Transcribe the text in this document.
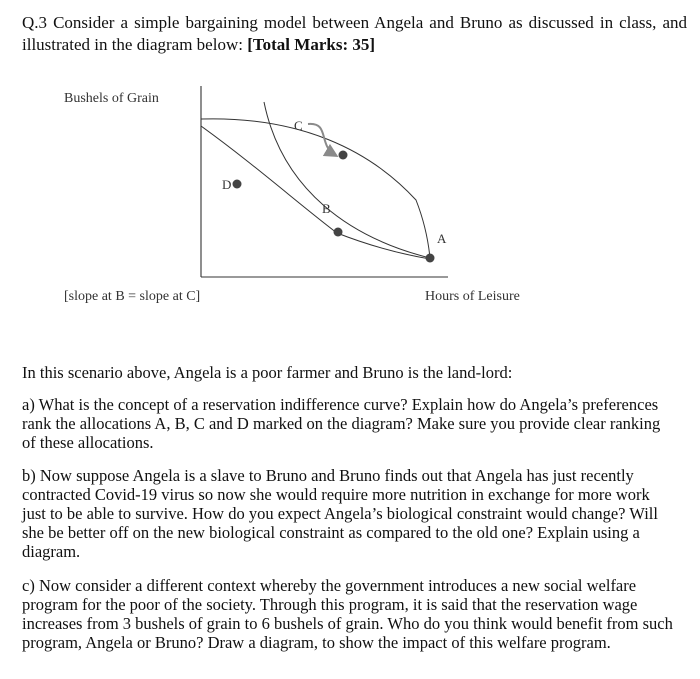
Q.3 Consider a simple bargaining model between Angela and Bruno as discussed in class, and illustrated in the diagram below: [Total Marks: 35]
Bushels of Grain
C
D
B
A
[slope at B = slope at C]	Hours of Leisure
In this scenario above, Angela is a poor farmer and Bruno is the land-lord:
a) What is the concept of a reservation indifference curve? Explain how do Angela’s preferences rank the allocations A, B, C and D marked on the diagram? Make sure you provide clear ranking of these allocations.
b) Now suppose Angela is a slave to Bruno and Bruno finds out that Angela has just recently contracted Covid-19 virus so now she would require more nutrition in exchange for more work just to be able to survive. How do you expect Angela’s biological constraint would change? Will she be better off on the new biological constraint as compared to the old one? Explain using a diagram.
c) Now consider a different context whereby the government introduces a new social welfare program for the poor of the society. Through this program, it is said that the reservation wage increases from 3 bushels of grain to 6 bushels of grain. Who do you think would benefit from such program, Angela or Bruno? Draw a diagram, to show the impact of this welfare program.
